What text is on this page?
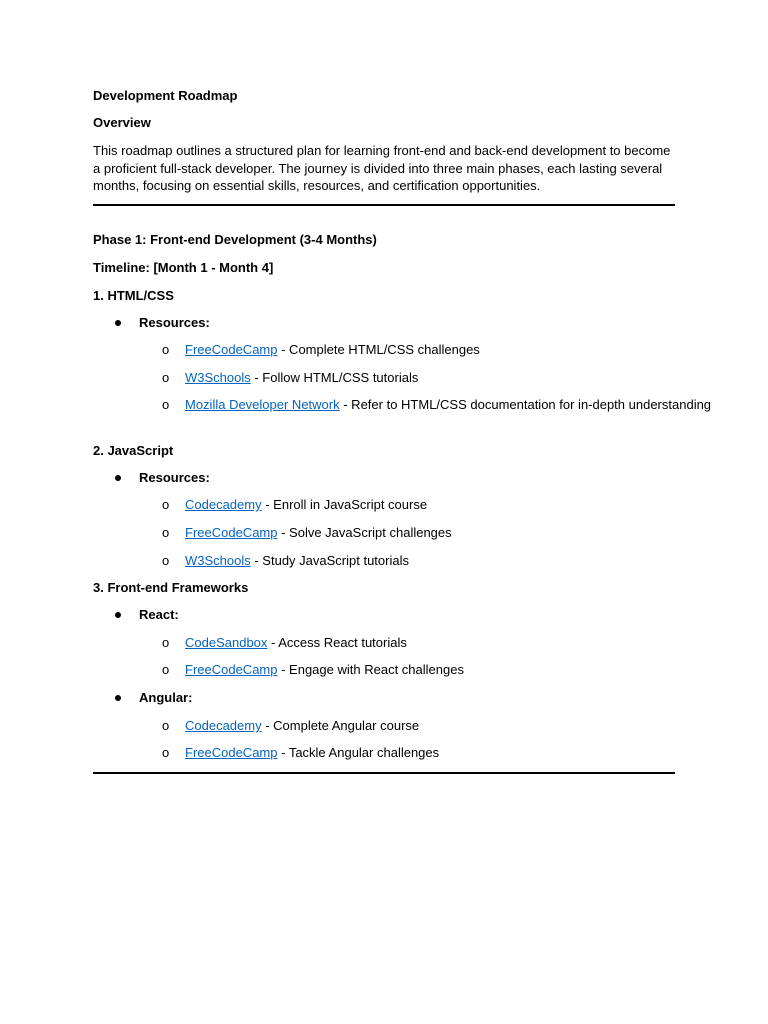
Development Roadmap
Overview
This roadmap outlines a structured plan for learning front-end and back-end development to become a proficient full-stack developer. The journey is divided into three main phases, each lasting several months, focusing on essential skills, resources, and certification opportunities.
Phase 1: Front-end Development (3-4 Months)
Timeline: [Month 1 - Month 4]
1. HTML/CSS
Resources:
o FreeCodeCamp - Complete HTML/CSS challenges
o W3Schools - Follow HTML/CSS tutorials
o Mozilla Developer Network - Refer to HTML/CSS documentation for in-depth understanding
2. JavaScript
Resources:
o Codecademy - Enroll in JavaScript course
o FreeCodeCamp - Solve JavaScript challenges
o W3Schools - Study JavaScript tutorials
3. Front-end Frameworks
React:
o CodeSandbox - Access React tutorials
o FreeCodeCamp - Engage with React challenges
Angular:
o Codecademy - Complete Angular course
o FreeCodeCamp - Tackle Angular challenges
